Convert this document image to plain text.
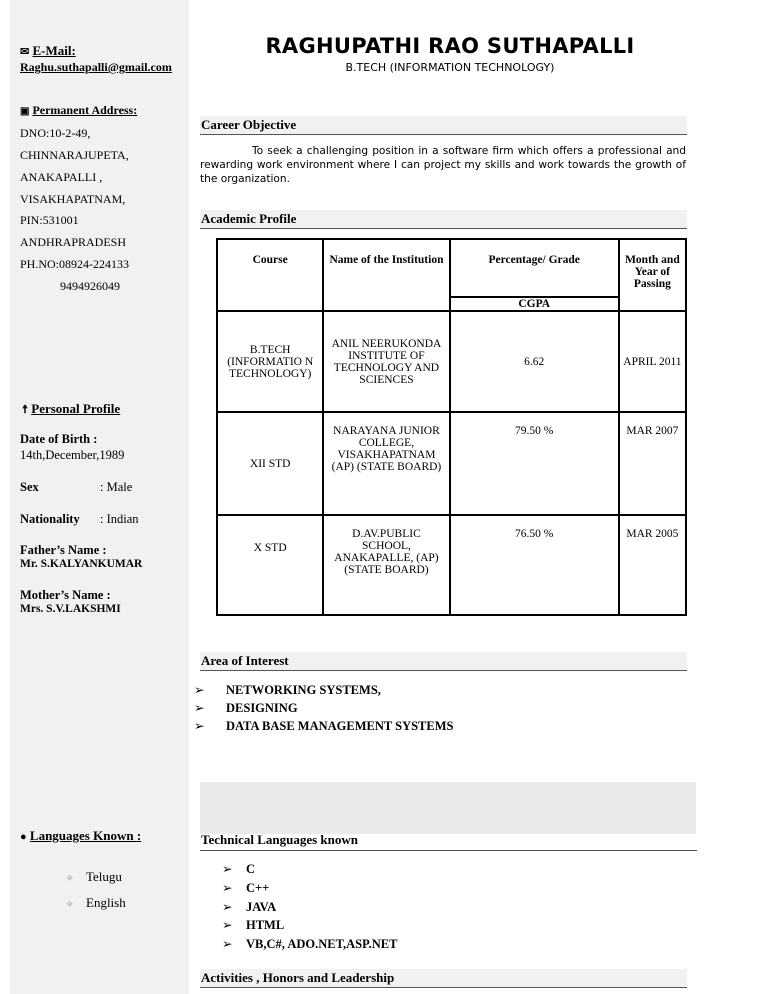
✉ E-Mail:
Raghu.suthapalli@gmail.com
▣ Permanent Address:
DNO:10-2-49,
CHINNARAJUPETA,
ANAKAPALLI ,
VISAKHAPATNAM,
PIN:531001
ANDHRAPRADESH
PH.NO:08924-224133
9494926049
☨ Personal Profile
Date of Birth :
14th,December,1989
Sex	: Male
Nationality : Indian
Father’s Name :
Mr. S.KALYANKUMAR
Mother’s Name :
Mrs. S.V.LAKSHMI
● Languages Known :
✧ Telugu
✧ English
RAGHUPATHI RAO SUTHAPALLI
B.TECH (INFORMATION TECHNOLOGY)
Career Objective
To seek a challenging position in a software firm which offers a professional and rewarding work environment where I can project my skills and work towards the growth of the organization.
Academic Profile
Course	Name of the Institution	Percentage/ Grade	Month and Year of Passing
		CGPA	
B.TECH (INFORMATIO N TECHNOLOGY)	ANIL NEERUKONDA INSTITUTE OF TECHNOLOGY AND SCIENCES	6.62	APRIL 2011
XII STD	NARAYANA JUNIOR COLLEGE, VISAKHAPATNAM (AP) (STATE BOARD)	79.50 %	MAR 2007
X STD	D.AV.PUBLIC SCHOOL, ANAKAPALLE, (AP) (STATE BOARD)	76.50 %	MAR 2005
Area of Interest
➢ NETWORKING SYSTEMS,
➢ DESIGNING
➢ DATA BASE MANAGEMENT SYSTEMS
Technical Languages known
➢ C
➢ C++
➢ JAVA
➢ HTML
➢ VB,C#, ADO.NET,ASP.NET
Activities , Honors and Leadership
